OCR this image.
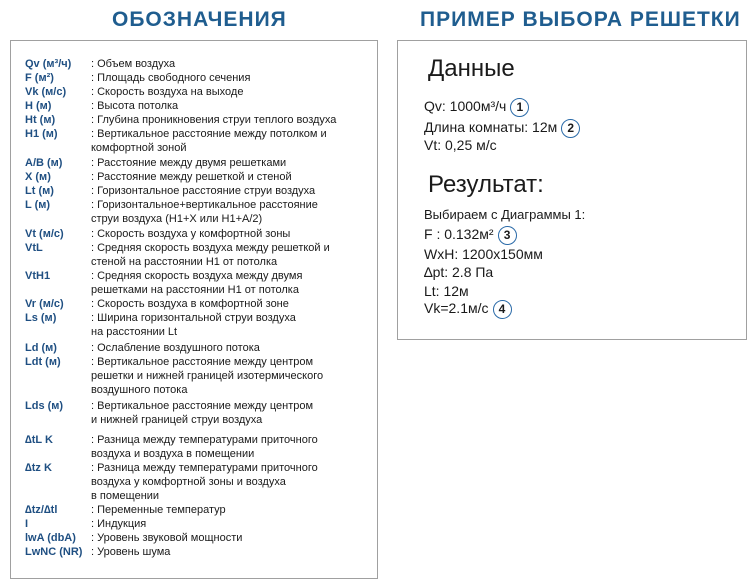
ОБОЗНАЧЕНИЯ	ПРИМЕР ВЫБОРА РЕШЕТКИ
Qv (м³/ч)	: Объем воздуха
F (м²)	: Площадь свободного сечения
Vk (м/с)	: Скорость воздуха на выходе
H (м)	: Высота потолка
Ht (м)	: Глубина проникновения струи теплого воздуха
H1 (м)	: Вертикальное расстояние между потолком и
комфортной зоной
A/B (м)	: Расстояние между двумя решетками
X (м)	: Расстояние между решеткой и стеной
Lt (м)	: Горизонтальное расстояние струи воздуха
L (м)	: Горизонтальное+вертикальное расстояние
струи воздуха (H1+X или H1+A/2)
Vt (м/с)	: Скорость воздуха у комфортной зоны
VtL	: Средняя скорость воздуха между решеткой и
стеной на расстоянии H1 от потолка
VtH1	: Средняя скорость воздуха между двумя
решетками на расстоянии H1 от потолка
Vr (м/с)	: Скорость воздуха в комфортной зоне
Ls (м)	: Ширина горизонтальной струи воздуха
на расстоянии Lt
Ld (м)	: Ослабление воздушного потока
Ldt (м)	: Вертикальное расстояние между центром
решетки и нижней границей изотермического
воздушного потока
Lds (м)	: Вертикальное расстояние между центром
и нижней границей струи воздуха
∆tL K	: Разница между температурами приточного
воздуха и воздуха в помещении
∆tz K	: Разница между температурами приточного
воздуха у комфортной зоны и воздуха
в помещении
∆tz/∆tl	: Переменные температур
I	: Индукция
lwA (dbA)	: Уровень звуковой мощности
LwNC (NR) : Уровень шума
Данные
Qv: 1000м³/ч 1
Длина комнаты: 12м 2
Vt: 0,25 м/с
Результат:
Выбираем с Диаграммы 1:
F : 0.132м² 3
WxH: 1200x150мм
∆pt: 2.8 Па
Lt: 12м
Vk=2.1м/с 4
